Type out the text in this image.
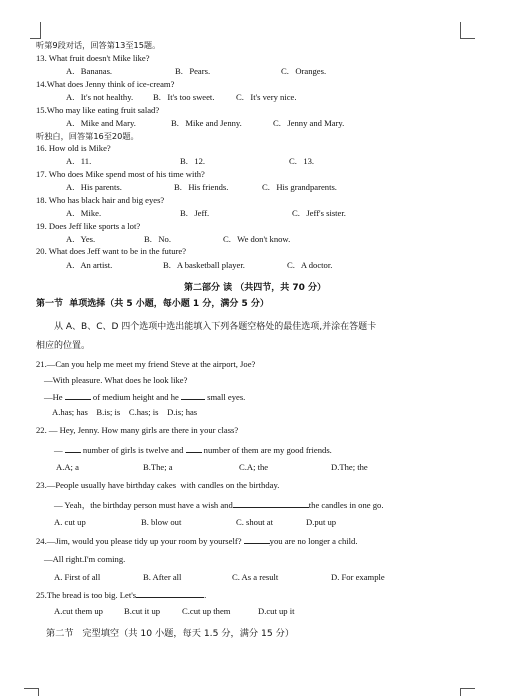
听第9段对话，回答第13至15题。
13. What fruit doesn't Mike like?
A.   Bananas.	B.   Pears.	C.   Oranges.
14.What does Jenny think of ice-cream?
A.   It's not healthy. B.   It's too sweet.	C.   It's very nice.
15.Who may like eating fruit salad?
A.   Mike and Mary.	B.   Mike and Jenny.	C.   Jenny and Mary.
听独白，回答第16至20题。
16. How old is Mike?
A.   11.	B.   12.	C.   13.
17. Who does Mike spend most of his time with?
A.   His parents.	B.   His friends.	C.   His grandparents.
18. Who has black hair and big eyes?
A.   Mike.	B.   Jeff.	C.   Jeff's sister.
19. Does Jeff like sports a lot?
A.   Yes.	B.   No.	C.   We don't know.
20. What does Jeff want to be in the future?
A.   An artist.	B.   A basketball player.	C.   A doctor.
第二部分 读 （共四节，共 70 分）
第一节  单项选择（共 5 小题，每小题 1 分，满分 5 分）
从 A、B、C、D 四个选项中选出能填入下列各题空格处的最佳选项,并涂在答题卡
相应的位置。
21.—Can you help me meet my friend Steve at the airport, Joe?
—With pleasure. What does he look like?
—He	of medium height and he	small eyes.
A.has; has    B.is; is    C.has; is    D.is; has
22. — Hey, Jenny. How many girls are there in your class?
—  number of girls is twelve and  number of them are my good friends.
A.A; a	B.The; a	C.A; the	D.The; the
23.—People usually have birthday cakes  with candles on the birthday.
— Yeah，the birthday person must have a wish and	the candles in one go.
A. cut up	B. blow out	C. shout at	D.put up
24.—Jim, would you please tidy up your room by yourself?	you are no longer a child.
—All right.I'm coming.
A. First of all	B. After all	C. As a result	D. For example
25.The bread is too big. Let's	.
A.cut them up B.cut it up	C.cut up them	D.cut up it
第二节   完型填空（共 10 小题，每天 1.5 分，满分 15 分）
